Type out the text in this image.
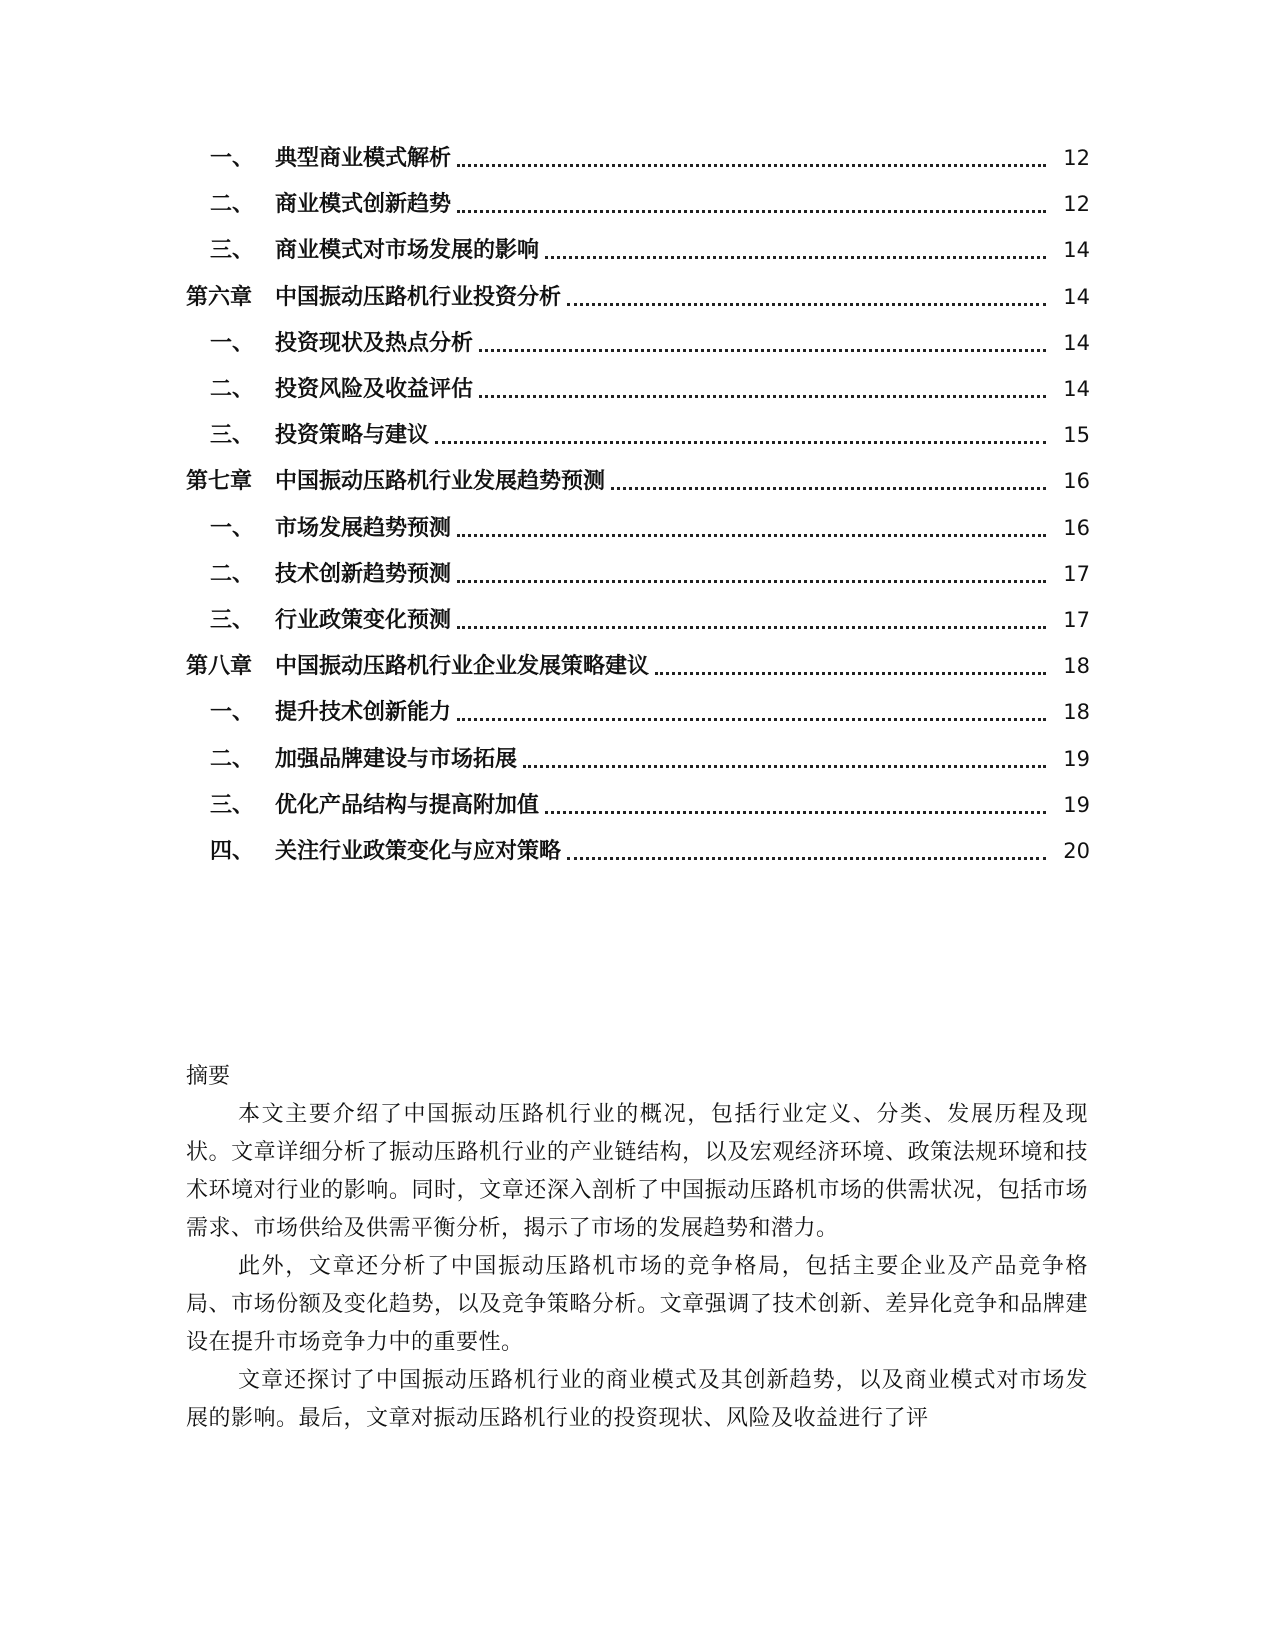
一、 典型商业模式解析	12
二、 商业模式创新趋势	12
三、 商业模式对市场发展的影响	14
第六章 中国振动压路机行业投资分析	14
一、 投资现状及热点分析	14
二、 投资风险及收益评估	14
三、 投资策略与建议	15
第七章 中国振动压路机行业发展趋势预测	16
一、 市场发展趋势预测	16
二、 技术创新趋势预测	17
三、 行业政策变化预测	17
第八章 中国振动压路机行业企业发展策略建议	18
一、 提升技术创新能力	18
二、 加强品牌建设与市场拓展	19
三、 优化产品结构与提高附加值	19
四、 关注行业政策变化与应对策略	20
摘要

本文主要介绍了中国振动压路机行业的概况，包括行业定义、分类、发展历程及现状。文章详细分析了振动压路机行业的产业链结构，以及宏观经济环境、政策法规环境和技术环境对行业的影响。同时，文章还深入剖析了中国振动压路机市场的供需状况，包括市场需求、市场供给及供需平衡分析，揭示了市场的发展趋势和潜力。

此外，文章还分析了中国振动压路机市场的竞争格局，包括主要企业及产品竞争格局、市场份额及变化趋势，以及竞争策略分析。文章强调了技术创新、差异化竞争和品牌建设在提升市场竞争力中的重要性。

文章还探讨了中国振动压路机行业的商业模式及其创新趋势，以及商业模式对市场发展的影响。最后，文章对振动压路机行业的投资现状、风险及收益进行了评
